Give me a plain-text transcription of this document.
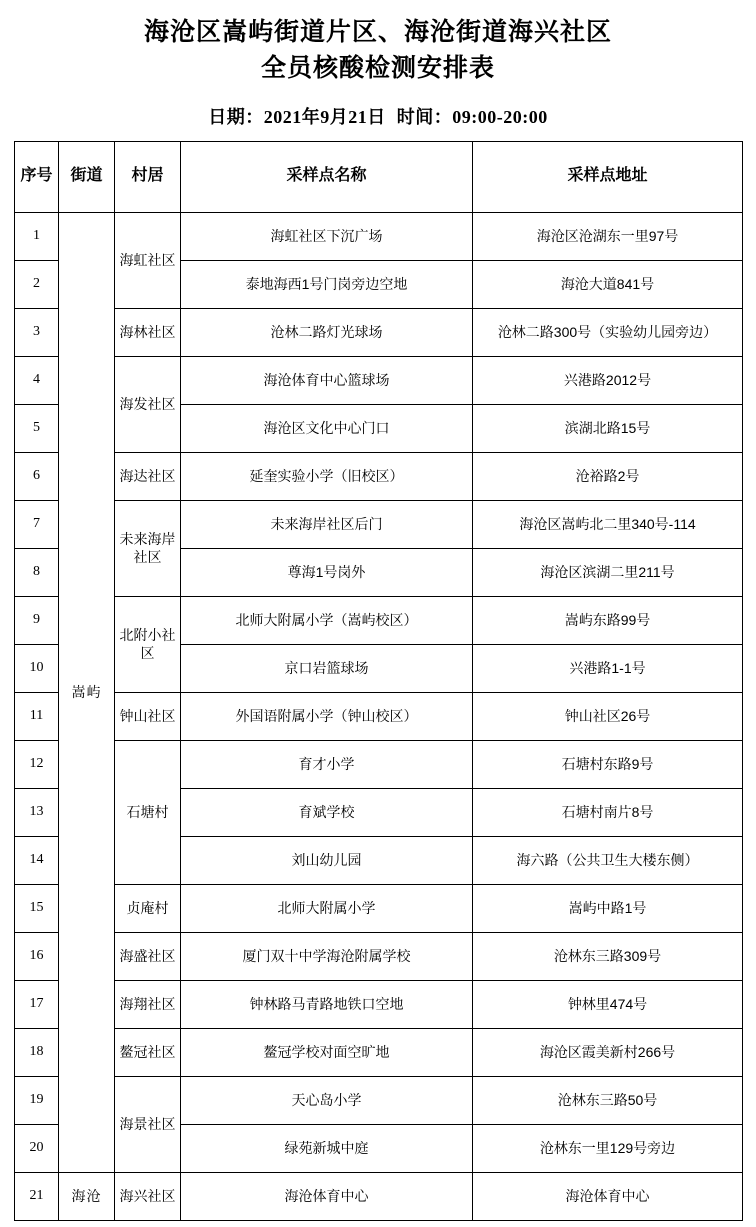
海沧区嵩屿街道片区、海沧街道海兴社区
全员核酸检测安排表
日期：2021年9月21日 时间：09:00-20:00
序号	街道	村居	采样点名称	采样点地址
1	嵩屿	海虹社区	海虹社区下沉广场	海沧区沧湖东一里97号
2			泰地海西1号门岗旁边空地	海沧大道841号
3		海林社区	沧林二路灯光球场	沧林二路300号（实验幼儿园旁边）
4		海发社区	海沧体育中心篮球场	兴港路2012号
5			海沧区文化中心门口	滨湖北路15号
6		海达社区	延奎实验小学（旧校区）	沧裕路2号
7		未来海岸社区	未来海岸社区后门	海沧区嵩屿北二里340号-114
8			尊海1号岗外	海沧区滨湖二里211号
9		北附小社区	北师大附属小学（嵩屿校区）	嵩屿东路99号
10			京口岩篮球场	兴港路1-1号
11		钟山社区	外国语附属小学（钟山校区）	钟山社区26号
12		石塘村	育才小学	石塘村东路9号
13			育斌学校	石塘村南片8号
14			刘山幼儿园	海六路（公共卫生大楼东侧）
15		贞庵村	北师大附属小学	嵩屿中路1号
16		海盛社区	厦门双十中学海沧附属学校	沧林东三路309号
17		海翔社区	钟林路马青路地铁口空地	钟林里474号
18		鳌冠社区	鳌冠学校对面空旷地	海沧区霞美新村266号
19		海景社区	天心岛小学	沧林东三路50号
20			绿苑新城中庭	沧林东一里129号旁边
21	海沧	海兴社区	海沧体育中心	海沧体育中心
